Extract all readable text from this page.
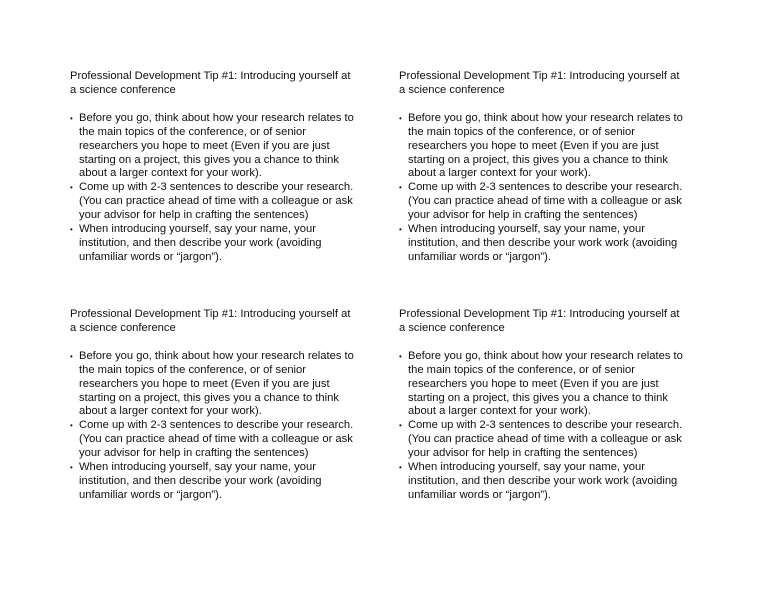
Professional Development Tip #1: Introducing yourself at
a science conference
• Before you go, think about how your research relates to
the main topics of the conference, or of senior
researchers you hope to meet (Even if you are just
starting on a project, this gives you a chance to think
about a larger context for your work).
• Come up with 2-3 sentences to describe your research.
(You can practice ahead of time with a colleague or ask
your advisor for help in crafting the sentences)
• When introducing yourself, say your name, your
institution, and then describe your work (avoiding
unfamiliar words or “jargon”).
Professional Development Tip #1: Introducing yourself at
a science conference
• Before you go, think about how your research relates to
the main topics of the conference, or of senior
researchers you hope to meet (Even if you are just
starting on a project, this gives you a chance to think
about a larger context for your work).
• Come up with 2-3 sentences to describe your research.
(You can practice ahead of time with a colleague or ask
your advisor for help in crafting the sentences)
• When introducing yourself, say your name, your
institution, and then describe your work work (avoiding
unfamiliar words or “jargon”).
Professional Development Tip #1: Introducing yourself at
a science conference
• Before you go, think about how your research relates to
the main topics of the conference, or of senior
researchers you hope to meet (Even if you are just
starting on a project, this gives you a chance to think
about a larger context for your work).
• Come up with 2-3 sentences to describe your research.
(You can practice ahead of time with a colleague or ask
your advisor for help in crafting the sentences)
• When introducing yourself, say your name, your
institution, and then describe your work (avoiding
unfamiliar words or “jargon”).
Professional Development Tip #1: Introducing yourself at
a science conference
• Before you go, think about how your research relates to
the main topics of the conference, or of senior
researchers you hope to meet (Even if you are just
starting on a project, this gives you a chance to think
about a larger context for your work).
• Come up with 2-3 sentences to describe your research.
(You can practice ahead of time with a colleague or ask
your advisor for help in crafting the sentences)
• When introducing yourself, say your name, your
institution, and then describe your work work (avoiding
unfamiliar words or “jargon”).
